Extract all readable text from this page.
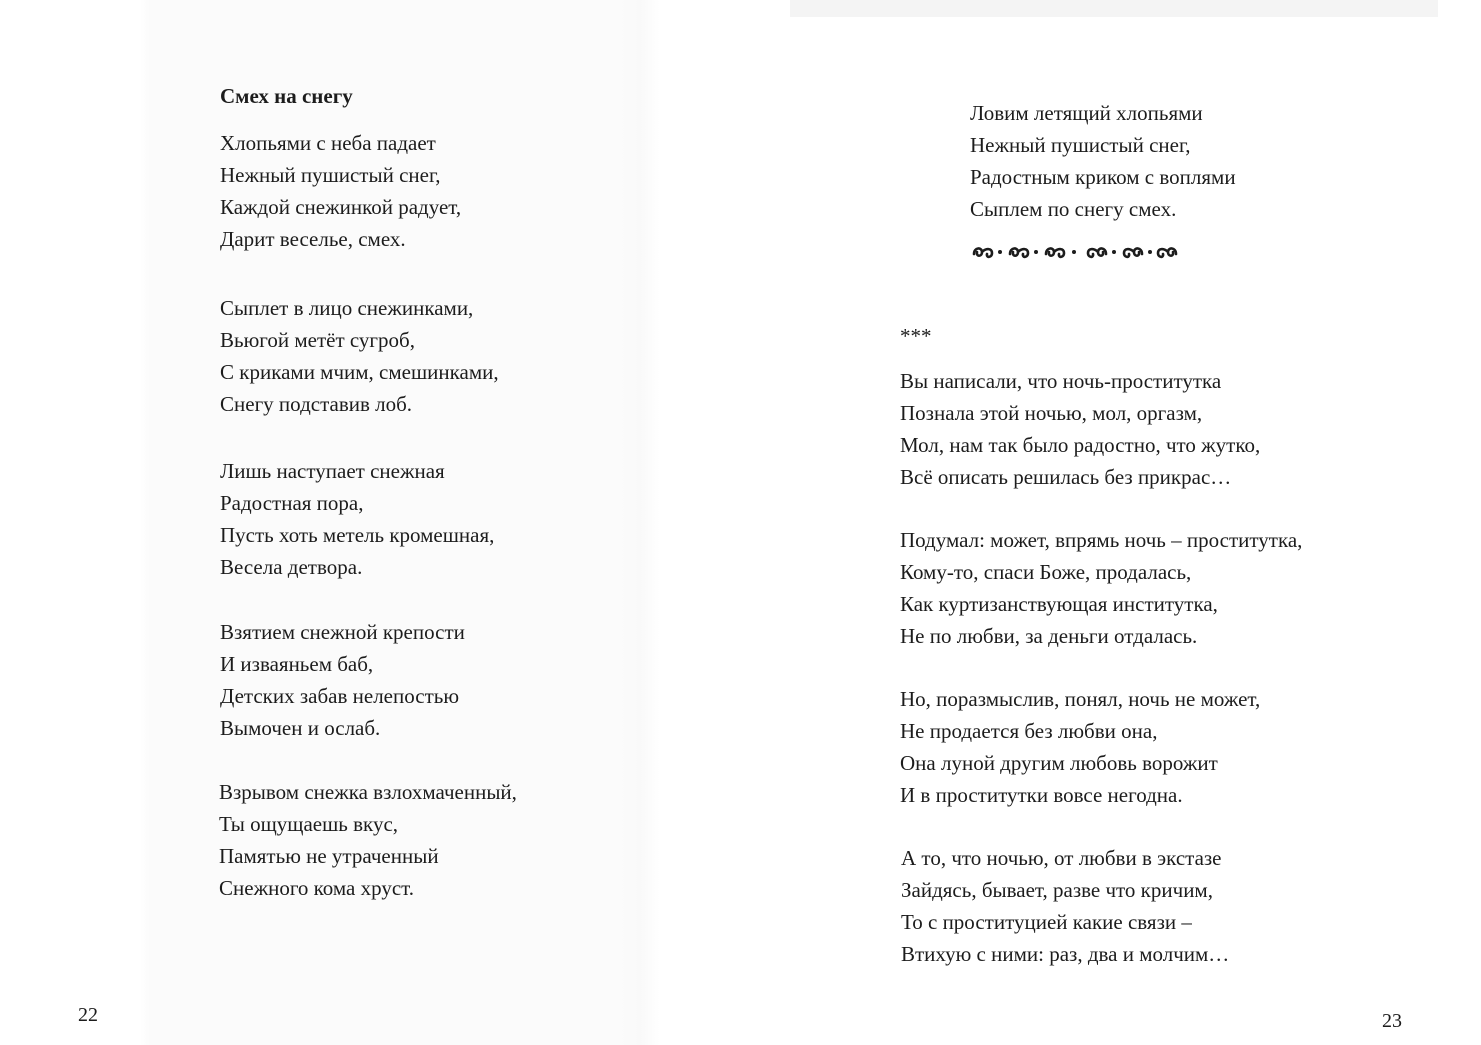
Смех на снегу
Хлопьями с неба падает
Нежный пушистый снег,
Каждой снежинкой радует,
Дарит веселье, смех.
Сыплет в лицо снежинками,
Вьюгой метёт сугроб,
С криками мчим, смешинками,
Снегу подставив лоб.
Лишь наступает снежная
Радостная пора,
Пусть хоть метель кромешная,
Весела детвора.
Взятием снежной крепости
И изваяньем баб,
Детских забав нелепостью
Вымочен и ослаб.
Взрывом снежка взлохмаченный,
Ты ощущаешь вкус,
Памятью не утраченный
Снежного кома хруст.
22
Ловим летящий хлопьями
Нежный пушистый снег,
Радостным криком с воплями
Сыплем по снегу смех.
***
Вы написали, что ночь-проститутка
Познала этой ночью, мол, оргазм,
Мол, нам так было радостно, что жутко,
Всё описать решилась без прикрас…
Подумал: может, впрямь ночь – проститутка,
Кому-то, спаси Боже, продалась,
Как куртизанствующая институтка,
Не по любви, за деньги отдалась.
Но, поразмыслив, понял, ночь не может,
Не продается без любви она,
Она луной другим любовь ворожит
И в проститутки вовсе негодна.
А то, что ночью, от любви в экстазе
Зайдясь, бывает, разве что кричим,
То с проституцией какие связи –
Втихую с ними: раз, два и молчим…
23
